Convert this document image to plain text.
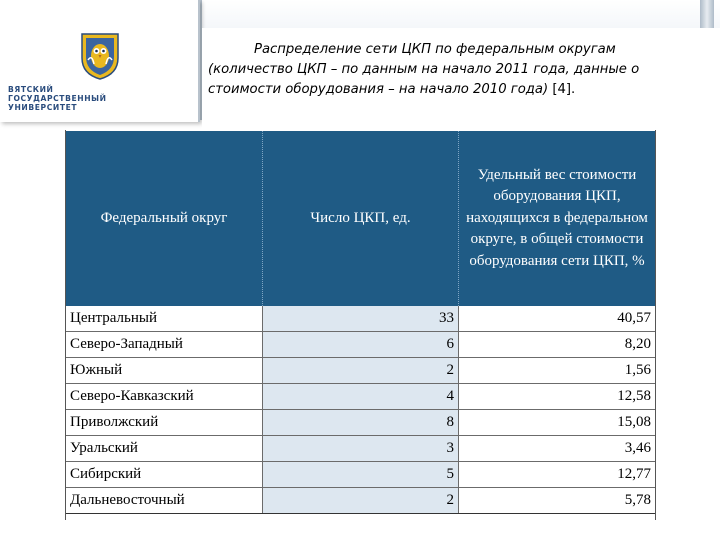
ВЯТСКИЙ
ГОСУДАРСТВЕННЫЙ
УНИВЕРСИТЕТ
Распределение сети ЦКП по федеральным округам (количество ЦКП – по данным на начало 2011 года, данные о стоимости оборудования – на начало 2010 года) [4].
Федеральный округ	Число ЦКП, ед.	Удельный вес стоимости оборудования ЦКП, находящихся в федеральном округе, в общей стоимости оборудования сети ЦКП, %
Центральный	33	40,57
Северо-Западный	6	8,20
Южный	2	1,56
Северо-Кавказский	4	12,58
Приволжский	8	15,08
Уральский	3	3,46
Сибирский	5	12,77
Дальневосточный	2	5,78
